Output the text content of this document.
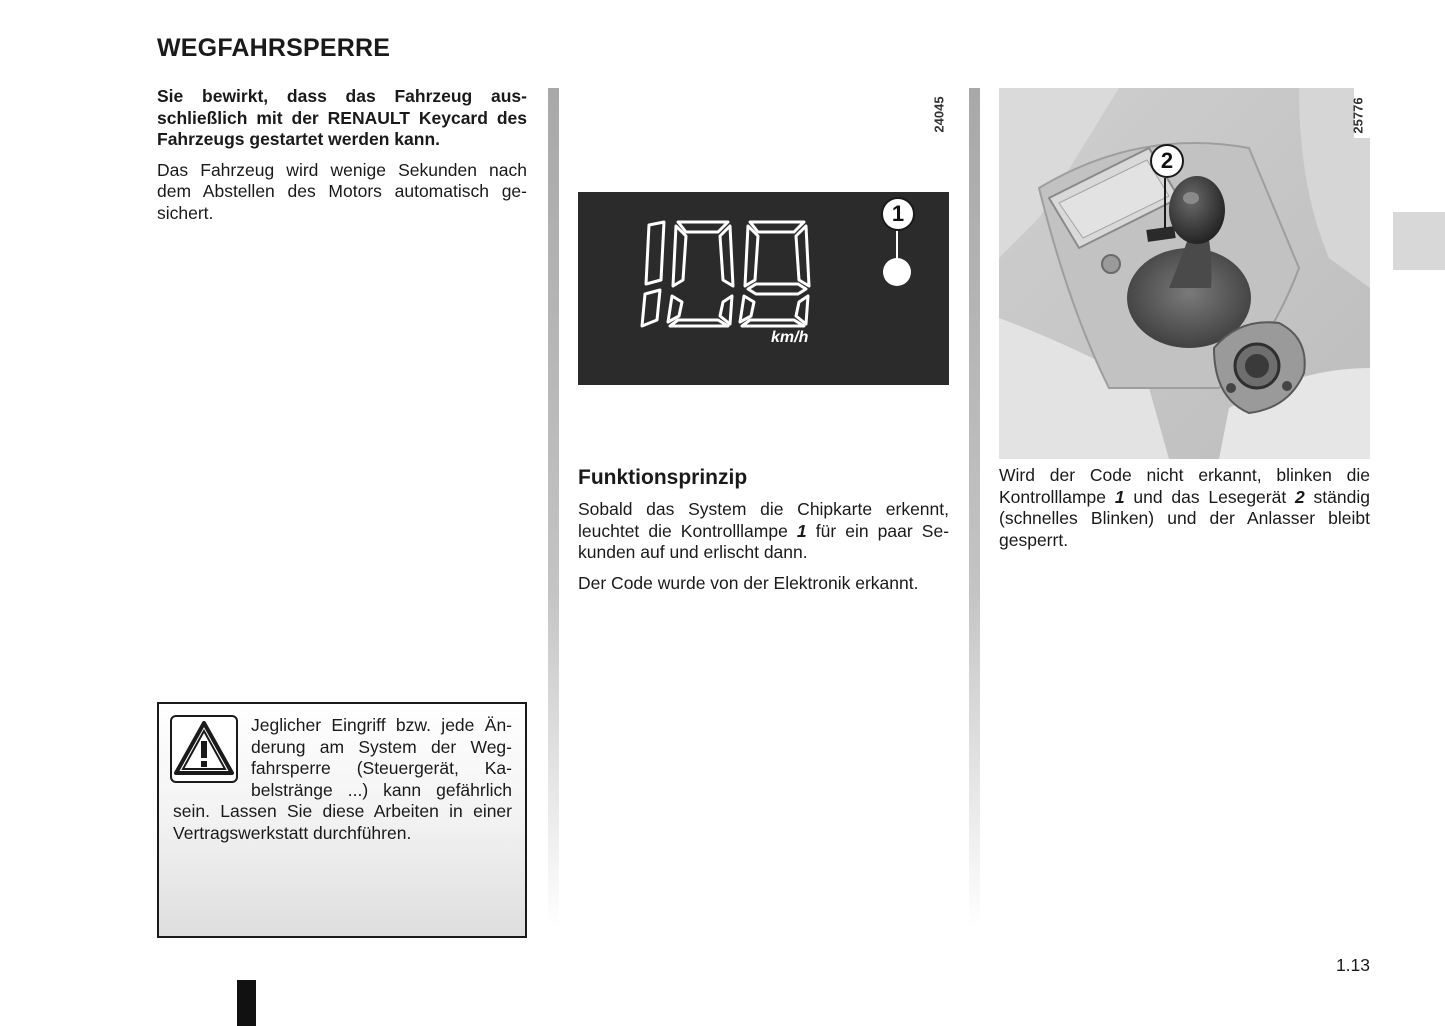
WEGFAHRSPERRE

Sie bewirkt, dass das Fahrzeug ausschließlich mit der RENAULT Keycard des Fahrzeugs gestartet werden kann.

Das Fahrzeug wird wenige Sekunden nach dem Abstellen des Motors automatisch gesichert.

Jeglicher Eingriff bzw. jede Änderung am System der Wegfahrsperre (Steuergerät, Kabelstränge ...) kann gefährlich sein. Lassen Sie diese Arbeiten in einer Vertragswerkstatt durchführen.
24045
km/h
1
Funktionsprinzip

Sobald das System die Chipkarte erkennt, leuchtet die Kontrolllampe 1 für ein paar Sekunden auf und erlischt dann.

Der Code wurde von der Elektronik erkannt.

2
25776

Wird der Code nicht erkannt, blinken die Kontrolllampe 1 und das Lesegerät 2 ständig (schnelles Blinken) und der Anlasser bleibt gesperrt.

1.13
